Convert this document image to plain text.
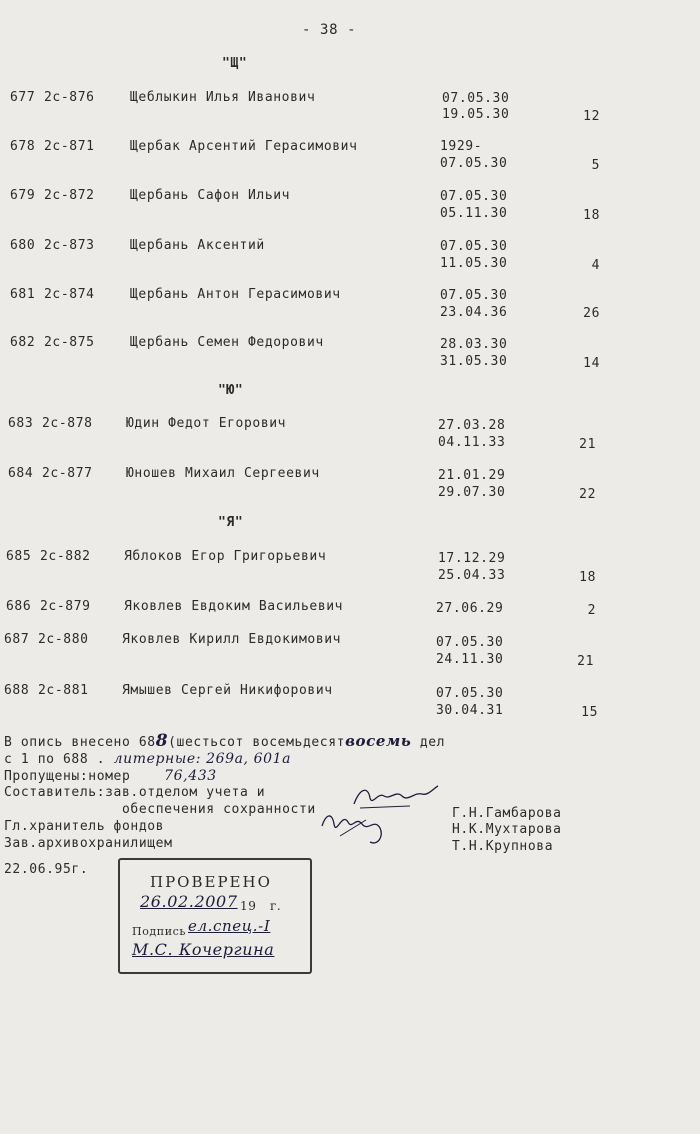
- 38 -
"Щ"
677 2с-876	Щеблыкин Илья Иванович	07.05.30
19.05.30	12
678 2с-871	Щербак Арсентий Герасимович	1929-
07.05.30	5
679 2с-872	Щербань Сафон Ильич	07.05.30
05.11.30	18
680 2с-873	Щербань Аксентий	07.05.30
11.05.30	4
681 2с-874	Щербань Антон Герасимович	07.05.30
23.04.36	26
682 2с-875	Щербань Семен Федорович	28.03.30
31.05.30	14
"Ю"
683 2с-878	Юдин Федот Егорович	27.03.28
04.11.33	21
684 2с-877	Юношев Михаил Сергеевич	21.01.29
29.07.30	22
"Я"
685 2с-882	Яблоков Егор Григорьевич	17.12.29
25.04.33	18
686 2с-879	Яковлев Евдоким Васильевич	27.06.29	2
687 2с-880	Яковлев Кирилл Евдокимович	07.05.30
24.11.30	21
688 2с-881	Ямышев Сергей Никифорович	07.05.30
30.04.31	15
В опись внесено 688(шестьсот восемьдесятвосемь дел
с 1 по 688 . литерные: 269а, 601а
Пропущены:номер 76,433
Составитель:зав.отделом учета и
обеспечения сохранности
Гл.хранитель фондов
Зав.архивохранилищем
22.06.95г.
Г.Н.Гамбарова
Н.К.Мухтарова
Т.Н.Крупнова
ПРОВЕРЕНО
26.02.2007 19 г.
Подпись ел.спец.-I
М.С. Кочергина
